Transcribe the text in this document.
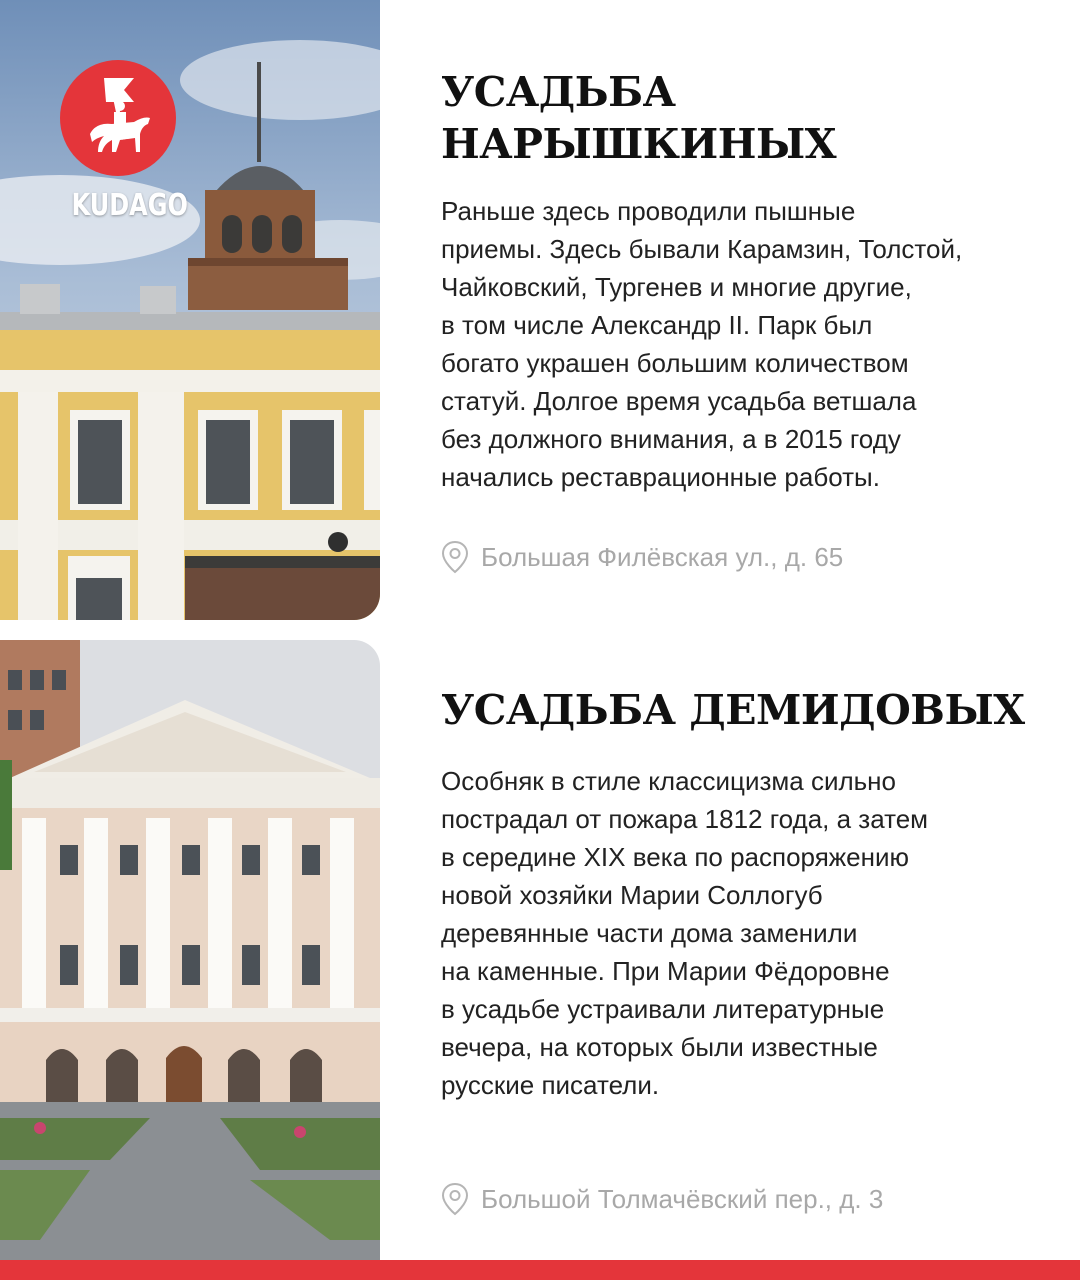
KUDAGO
УСАДЬБА
НАРЫШКИНЫХ

Раньше здесь проводили пышные
приемы. Здесь бывали Карамзин, Толстой,
Чайковский, Тургенев и многие другие,
в том числе Александр II. Парк был
богато украшен большим количеством
статуй. Долгое время усадьба ветшала
без должного внимания, а в 2015 году
начались реставрационные работы.

Большая Филёвская ул., д. 65
УСАДЬБА ДЕМИДОВЫХ

Особняк в стиле классицизма сильно
пострадал от пожара 1812 года, а затем
в середине XIX века по распоряжению
новой хозяйки Марии Соллогуб
деревянные части дома заменили
на каменные. При Марии Фёдоровне
в усадьбе устраивали литературные
вечера, на которых были известные
русские писатели.

Большой Толмачёвский пер., д. 3
